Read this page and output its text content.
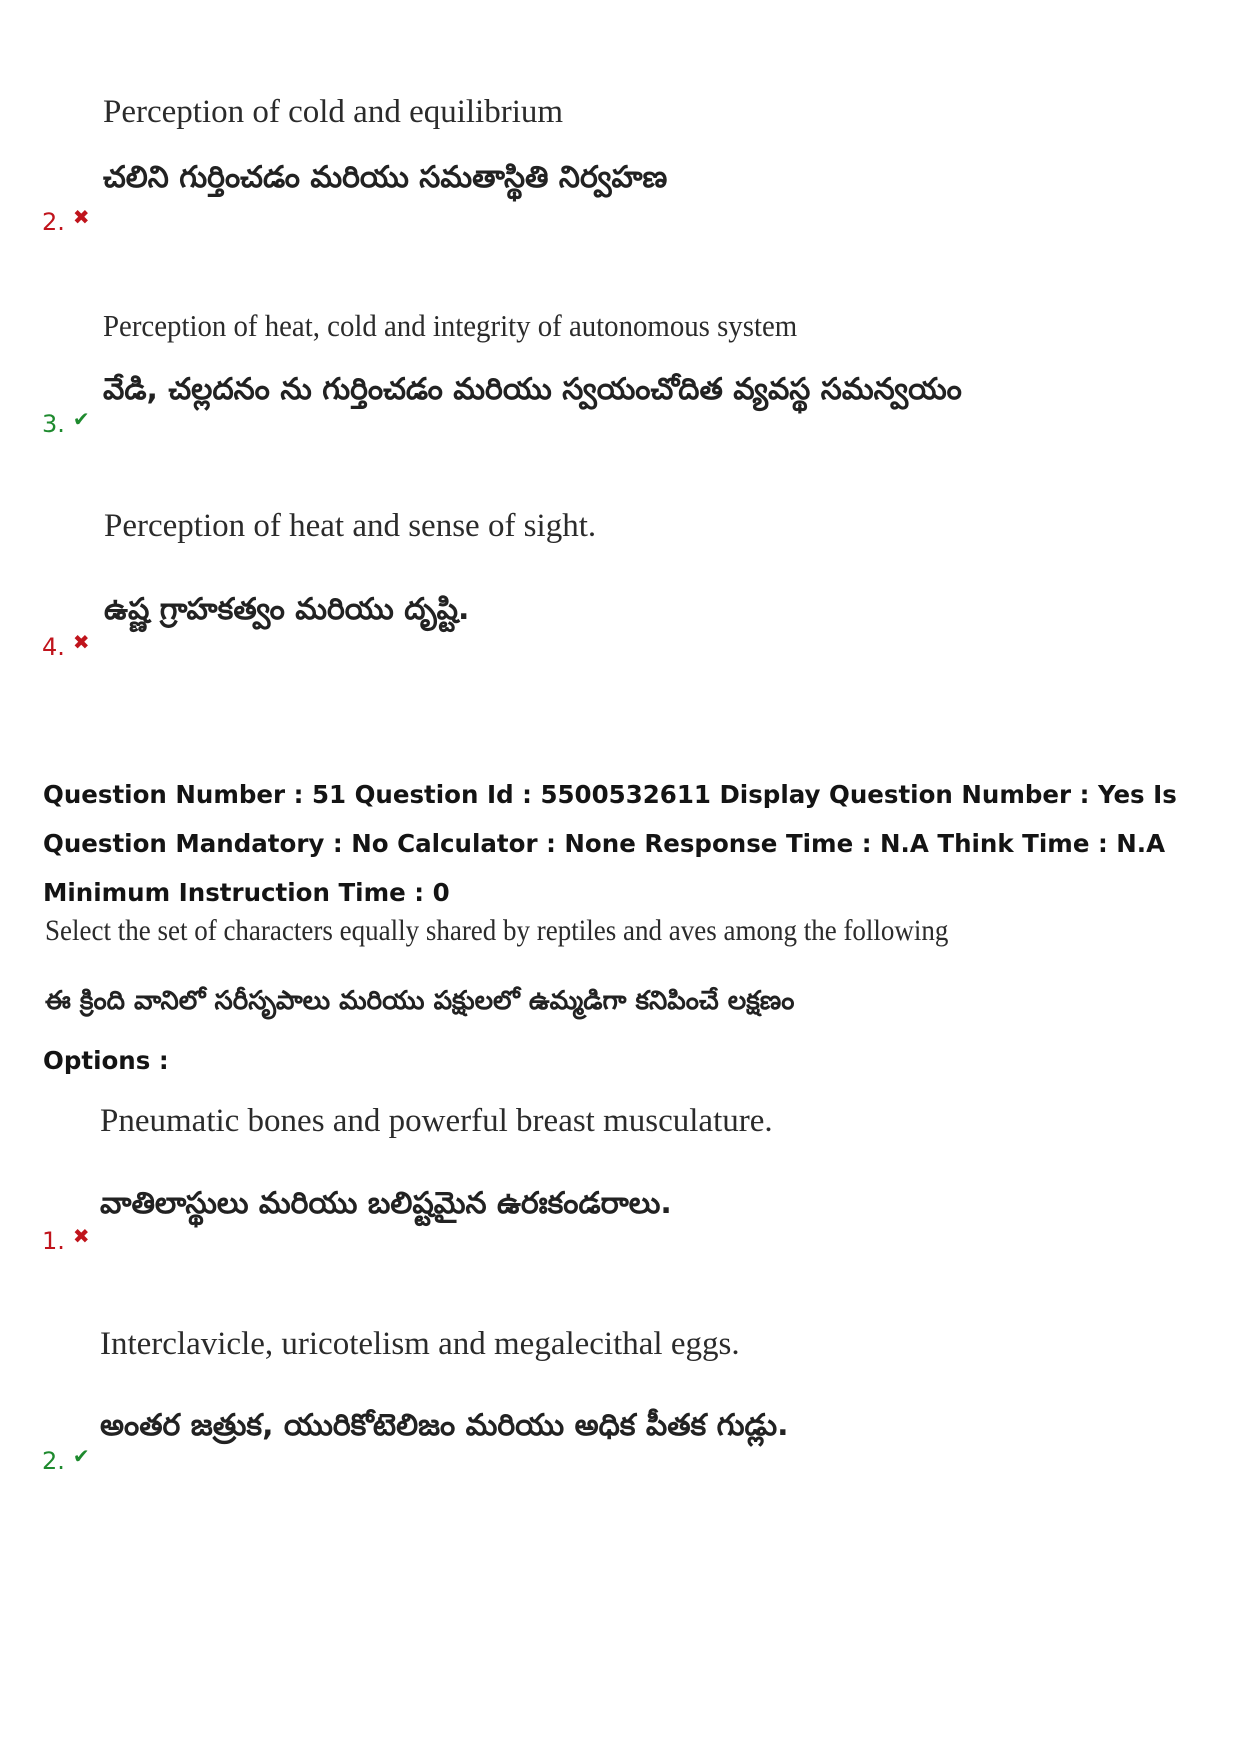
Perception of cold and equilibrium
చలిని గుర్తించడం మరియు సమతాస్థితి నిర్వహణ
2. ✖
Perception of heat, cold and integrity of autonomous system
వేడి, చల్లదనం ను గుర్తించడం మరియు స్వయంచోదిత వ్యవస్థ సమన్వయం
3. ✔
Perception of heat and sense of sight.
ఉష్ణ గ్రాహకత్వం మరియు దృష్టి.
4. ✖
Question Number : 51 Question Id : 5500532611 Display Question Number : Yes Is Question Mandatory : No Calculator : None Response Time : N.A Think Time : N.A Minimum Instruction Time : 0
Select the set of characters equally shared by reptiles and aves among the following
ఈ క్రింది వానిలో సరీసృపాలు మరియు పక్షులలో ఉమ్మడిగా కనిపించే లక్షణం
Options :
Pneumatic bones and powerful breast musculature.
వాతిలాస్థులు మరియు బలిష్టమైన ఉరఃకండరాలు.
1. ✖
Interclavicle, uricotelism and megalecithal eggs.
అంతర జత్రుక, యురికోటెలిజం మరియు అధిక పీతక గుడ్లు.
2. ✔
